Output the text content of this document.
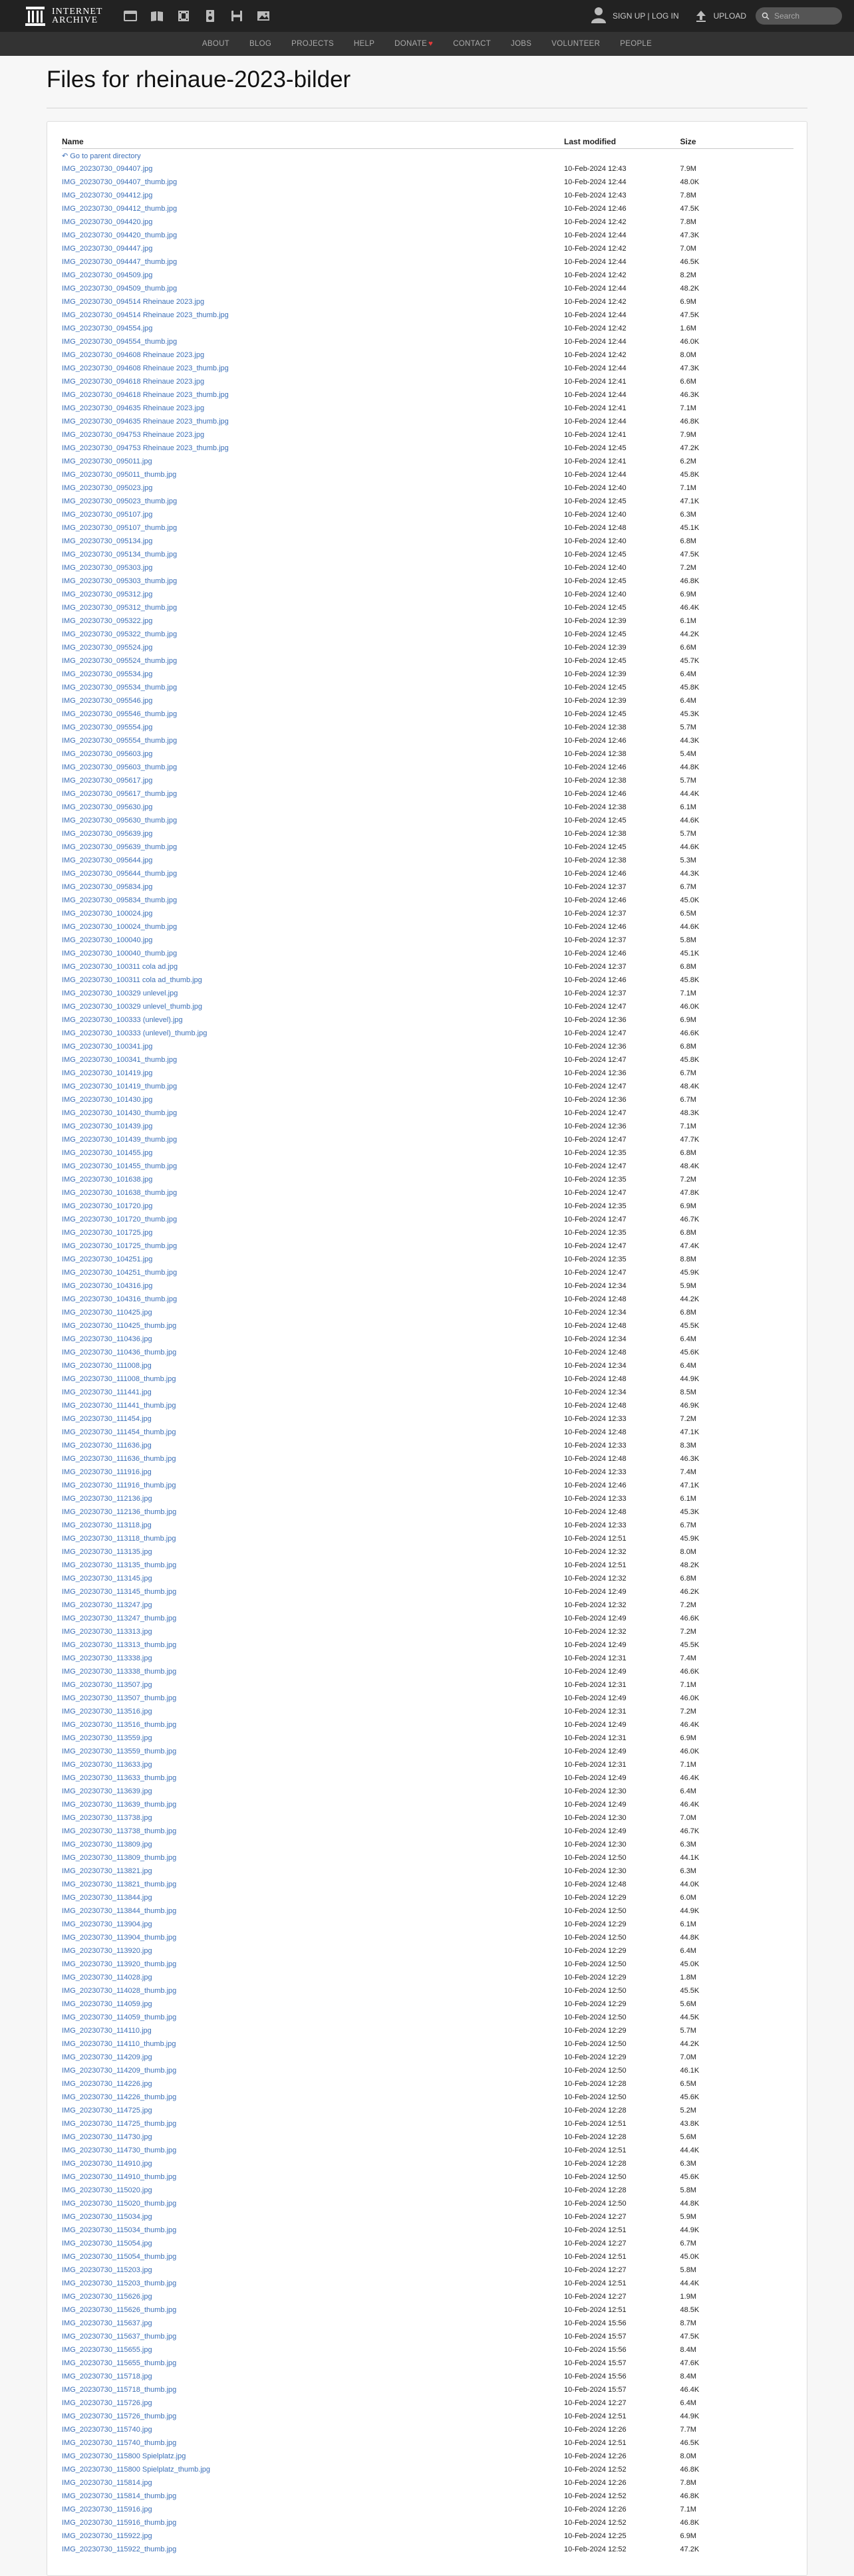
INTERNET
ARCHIVE	SIGN UP | LOG IN	UPLOAD
Search
ABOUT	BLOG	PROJECTS	HELP	DONATE ♥	CONTACT	JOBS	VOLUNTEER	PEOPLE
Files for rheinaue-2023-bilder
Name	Last modified	Size
↶ Go to parent directory		
IMG_20230730_094407.jpg	10-Feb-2024 12:43	7.9M
IMG_20230730_094407_thumb.jpg	10-Feb-2024 12:44	48.0K
IMG_20230730_094412.jpg	10-Feb-2024 12:43	7.8M
IMG_20230730_094412_thumb.jpg	10-Feb-2024 12:46	47.5K
IMG_20230730_094420.jpg	10-Feb-2024 12:42	7.8M
IMG_20230730_094420_thumb.jpg	10-Feb-2024 12:44	47.3K
IMG_20230730_094447.jpg	10-Feb-2024 12:42	7.0M
IMG_20230730_094447_thumb.jpg	10-Feb-2024 12:44	46.5K
IMG_20230730_094509.jpg	10-Feb-2024 12:42	8.2M
IMG_20230730_094509_thumb.jpg	10-Feb-2024 12:44	48.2K
IMG_20230730_094514 Rheinaue 2023.jpg	10-Feb-2024 12:42	6.9M
IMG_20230730_094514 Rheinaue 2023_thumb.jpg	10-Feb-2024 12:44	47.5K
IMG_20230730_094554.jpg	10-Feb-2024 12:42	1.6M
IMG_20230730_094554_thumb.jpg	10-Feb-2024 12:44	46.0K
IMG_20230730_094608 Rheinaue 2023.jpg	10-Feb-2024 12:42	8.0M
IMG_20230730_094608 Rheinaue 2023_thumb.jpg	10-Feb-2024 12:44	47.3K
IMG_20230730_094618 Rheinaue 2023.jpg	10-Feb-2024 12:41	6.6M
IMG_20230730_094618 Rheinaue 2023_thumb.jpg	10-Feb-2024 12:44	46.3K
IMG_20230730_094635 Rheinaue 2023.jpg	10-Feb-2024 12:41	7.1M
IMG_20230730_094635 Rheinaue 2023_thumb.jpg	10-Feb-2024 12:44	46.8K
IMG_20230730_094753 Rheinaue 2023.jpg	10-Feb-2024 12:41	7.9M
IMG_20230730_094753 Rheinaue 2023_thumb.jpg	10-Feb-2024 12:45	47.2K
IMG_20230730_095011.jpg	10-Feb-2024 12:41	6.2M
IMG_20230730_095011_thumb.jpg	10-Feb-2024 12:44	45.8K
IMG_20230730_095023.jpg	10-Feb-2024 12:40	7.1M
IMG_20230730_095023_thumb.jpg	10-Feb-2024 12:45	47.1K
IMG_20230730_095107.jpg	10-Feb-2024 12:40	6.3M
IMG_20230730_095107_thumb.jpg	10-Feb-2024 12:48	45.1K
IMG_20230730_095134.jpg	10-Feb-2024 12:40	6.8M
IMG_20230730_095134_thumb.jpg	10-Feb-2024 12:45	47.5K
IMG_20230730_095303.jpg	10-Feb-2024 12:40	7.2M
IMG_20230730_095303_thumb.jpg	10-Feb-2024 12:45	46.8K
IMG_20230730_095312.jpg	10-Feb-2024 12:40	6.9M
IMG_20230730_095312_thumb.jpg	10-Feb-2024 12:45	46.4K
IMG_20230730_095322.jpg	10-Feb-2024 12:39	6.1M
IMG_20230730_095322_thumb.jpg	10-Feb-2024 12:45	44.2K
IMG_20230730_095524.jpg	10-Feb-2024 12:39	6.6M
IMG_20230730_095524_thumb.jpg	10-Feb-2024 12:45	45.7K
IMG_20230730_095534.jpg	10-Feb-2024 12:39	6.4M
IMG_20230730_095534_thumb.jpg	10-Feb-2024 12:45	45.8K
IMG_20230730_095546.jpg	10-Feb-2024 12:39	6.4M
IMG_20230730_095546_thumb.jpg	10-Feb-2024 12:45	45.3K
IMG_20230730_095554.jpg	10-Feb-2024 12:38	5.7M
IMG_20230730_095554_thumb.jpg	10-Feb-2024 12:46	44.3K
IMG_20230730_095603.jpg	10-Feb-2024 12:38	5.4M
IMG_20230730_095603_thumb.jpg	10-Feb-2024 12:46	44.8K
IMG_20230730_095617.jpg	10-Feb-2024 12:38	5.7M
IMG_20230730_095617_thumb.jpg	10-Feb-2024 12:46	44.4K
IMG_20230730_095630.jpg	10-Feb-2024 12:38	6.1M
IMG_20230730_095630_thumb.jpg	10-Feb-2024 12:45	44.6K
IMG_20230730_095639.jpg	10-Feb-2024 12:38	5.7M
IMG_20230730_095639_thumb.jpg	10-Feb-2024 12:45	44.6K
IMG_20230730_095644.jpg	10-Feb-2024 12:38	5.3M
IMG_20230730_095644_thumb.jpg	10-Feb-2024 12:46	44.3K
IMG_20230730_095834.jpg	10-Feb-2024 12:37	6.7M
IMG_20230730_095834_thumb.jpg	10-Feb-2024 12:46	45.0K
IMG_20230730_100024.jpg	10-Feb-2024 12:37	6.5M
IMG_20230730_100024_thumb.jpg	10-Feb-2024 12:46	44.6K
IMG_20230730_100040.jpg	10-Feb-2024 12:37	5.8M
IMG_20230730_100040_thumb.jpg	10-Feb-2024 12:46	45.1K
IMG_20230730_100311 cola ad.jpg	10-Feb-2024 12:37	6.8M
IMG_20230730_100311 cola ad_thumb.jpg	10-Feb-2024 12:46	45.8K
IMG_20230730_100329 unlevel.jpg	10-Feb-2024 12:37	7.1M
IMG_20230730_100329 unlevel_thumb.jpg	10-Feb-2024 12:47	46.0K
IMG_20230730_100333 (unlevel).jpg	10-Feb-2024 12:36	6.9M
IMG_20230730_100333 (unlevel)_thumb.jpg	10-Feb-2024 12:47	46.6K
IMG_20230730_100341.jpg	10-Feb-2024 12:36	6.8M
IMG_20230730_100341_thumb.jpg	10-Feb-2024 12:47	45.8K
IMG_20230730_101419.jpg	10-Feb-2024 12:36	6.7M
IMG_20230730_101419_thumb.jpg	10-Feb-2024 12:47	48.4K
IMG_20230730_101430.jpg	10-Feb-2024 12:36	6.7M
IMG_20230730_101430_thumb.jpg	10-Feb-2024 12:47	48.3K
IMG_20230730_101439.jpg	10-Feb-2024 12:36	7.1M
IMG_20230730_101439_thumb.jpg	10-Feb-2024 12:47	47.7K
IMG_20230730_101455.jpg	10-Feb-2024 12:35	6.8M
IMG_20230730_101455_thumb.jpg	10-Feb-2024 12:47	48.4K
IMG_20230730_101638.jpg	10-Feb-2024 12:35	7.2M
IMG_20230730_101638_thumb.jpg	10-Feb-2024 12:47	47.8K
IMG_20230730_101720.jpg	10-Feb-2024 12:35	6.9M
IMG_20230730_101720_thumb.jpg	10-Feb-2024 12:47	46.7K
IMG_20230730_101725.jpg	10-Feb-2024 12:35	6.8M
IMG_20230730_101725_thumb.jpg	10-Feb-2024 12:47	47.4K
IMG_20230730_104251.jpg	10-Feb-2024 12:35	8.8M
IMG_20230730_104251_thumb.jpg	10-Feb-2024 12:47	45.9K
IMG_20230730_104316.jpg	10-Feb-2024 12:34	5.9M
IMG_20230730_104316_thumb.jpg	10-Feb-2024 12:48	44.2K
IMG_20230730_110425.jpg	10-Feb-2024 12:34	6.8M
IMG_20230730_110425_thumb.jpg	10-Feb-2024 12:48	45.5K
IMG_20230730_110436.jpg	10-Feb-2024 12:34	6.4M
IMG_20230730_110436_thumb.jpg	10-Feb-2024 12:48	45.6K
IMG_20230730_111008.jpg	10-Feb-2024 12:34	6.4M
IMG_20230730_111008_thumb.jpg	10-Feb-2024 12:48	44.9K
IMG_20230730_111441.jpg	10-Feb-2024 12:34	8.5M
IMG_20230730_111441_thumb.jpg	10-Feb-2024 12:48	46.9K
IMG_20230730_111454.jpg	10-Feb-2024 12:33	7.2M
IMG_20230730_111454_thumb.jpg	10-Feb-2024 12:48	47.1K
IMG_20230730_111636.jpg	10-Feb-2024 12:33	8.3M
IMG_20230730_111636_thumb.jpg	10-Feb-2024 12:48	46.3K
IMG_20230730_111916.jpg	10-Feb-2024 12:33	7.4M
IMG_20230730_111916_thumb.jpg	10-Feb-2024 12:46	47.1K
IMG_20230730_112136.jpg	10-Feb-2024 12:33	6.1M
IMG_20230730_112136_thumb.jpg	10-Feb-2024 12:48	45.3K
IMG_20230730_113118.jpg	10-Feb-2024 12:33	6.7M
IMG_20230730_113118_thumb.jpg	10-Feb-2024 12:51	45.9K
IMG_20230730_113135.jpg	10-Feb-2024 12:32	8.0M
IMG_20230730_113135_thumb.jpg	10-Feb-2024 12:51	48.2K
IMG_20230730_113145.jpg	10-Feb-2024 12:32	6.8M
IMG_20230730_113145_thumb.jpg	10-Feb-2024 12:49	46.2K
IMG_20230730_113247.jpg	10-Feb-2024 12:32	7.2M
IMG_20230730_113247_thumb.jpg	10-Feb-2024 12:49	46.6K
IMG_20230730_113313.jpg	10-Feb-2024 12:32	7.2M
IMG_20230730_113313_thumb.jpg	10-Feb-2024 12:49	45.5K
IMG_20230730_113338.jpg	10-Feb-2024 12:31	7.4M
IMG_20230730_113338_thumb.jpg	10-Feb-2024 12:49	46.6K
IMG_20230730_113507.jpg	10-Feb-2024 12:31	7.1M
IMG_20230730_113507_thumb.jpg	10-Feb-2024 12:49	46.0K
IMG_20230730_113516.jpg	10-Feb-2024 12:31	7.2M
IMG_20230730_113516_thumb.jpg	10-Feb-2024 12:49	46.4K
IMG_20230730_113559.jpg	10-Feb-2024 12:31	6.9M
IMG_20230730_113559_thumb.jpg	10-Feb-2024 12:49	46.0K
IMG_20230730_113633.jpg	10-Feb-2024 12:31	7.1M
IMG_20230730_113633_thumb.jpg	10-Feb-2024 12:49	46.4K
IMG_20230730_113639.jpg	10-Feb-2024 12:30	6.4M
IMG_20230730_113639_thumb.jpg	10-Feb-2024 12:49	46.4K
IMG_20230730_113738.jpg	10-Feb-2024 12:30	7.0M
IMG_20230730_113738_thumb.jpg	10-Feb-2024 12:49	46.7K
IMG_20230730_113809.jpg	10-Feb-2024 12:30	6.3M
IMG_20230730_113809_thumb.jpg	10-Feb-2024 12:50	44.1K
IMG_20230730_113821.jpg	10-Feb-2024 12:30	6.3M
IMG_20230730_113821_thumb.jpg	10-Feb-2024 12:48	44.0K
IMG_20230730_113844.jpg	10-Feb-2024 12:29	6.0M
IMG_20230730_113844_thumb.jpg	10-Feb-2024 12:50	44.9K
IMG_20230730_113904.jpg	10-Feb-2024 12:29	6.1M
IMG_20230730_113904_thumb.jpg	10-Feb-2024 12:50	44.8K
IMG_20230730_113920.jpg	10-Feb-2024 12:29	6.4M
IMG_20230730_113920_thumb.jpg	10-Feb-2024 12:50	45.0K
IMG_20230730_114028.jpg	10-Feb-2024 12:29	1.8M
IMG_20230730_114028_thumb.jpg	10-Feb-2024 12:50	45.5K
IMG_20230730_114059.jpg	10-Feb-2024 12:29	5.6M
IMG_20230730_114059_thumb.jpg	10-Feb-2024 12:50	44.5K
IMG_20230730_114110.jpg	10-Feb-2024 12:29	5.7M
IMG_20230730_114110_thumb.jpg	10-Feb-2024 12:50	44.2K
IMG_20230730_114209.jpg	10-Feb-2024 12:29	7.0M
IMG_20230730_114209_thumb.jpg	10-Feb-2024 12:50	46.1K
IMG_20230730_114226.jpg	10-Feb-2024 12:28	6.5M
IMG_20230730_114226_thumb.jpg	10-Feb-2024 12:50	45.6K
IMG_20230730_114725.jpg	10-Feb-2024 12:28	5.2M
IMG_20230730_114725_thumb.jpg	10-Feb-2024 12:51	43.8K
IMG_20230730_114730.jpg	10-Feb-2024 12:28	5.6M
IMG_20230730_114730_thumb.jpg	10-Feb-2024 12:51	44.4K
IMG_20230730_114910.jpg	10-Feb-2024 12:28	6.3M
IMG_20230730_114910_thumb.jpg	10-Feb-2024 12:50	45.6K
IMG_20230730_115020.jpg	10-Feb-2024 12:28	5.8M
IMG_20230730_115020_thumb.jpg	10-Feb-2024 12:50	44.8K
IMG_20230730_115034.jpg	10-Feb-2024 12:27	5.9M
IMG_20230730_115034_thumb.jpg	10-Feb-2024 12:51	44.9K
IMG_20230730_115054.jpg	10-Feb-2024 12:27	6.7M
IMG_20230730_115054_thumb.jpg	10-Feb-2024 12:51	45.0K
IMG_20230730_115203.jpg	10-Feb-2024 12:27	5.8M
IMG_20230730_115203_thumb.jpg	10-Feb-2024 12:51	44.4K
IMG_20230730_115626.jpg	10-Feb-2024 12:27	1.9M
IMG_20230730_115626_thumb.jpg	10-Feb-2024 12:51	48.5K
IMG_20230730_115637.jpg	10-Feb-2024 15:56	8.7M
IMG_20230730_115637_thumb.jpg	10-Feb-2024 15:57	47.5K
IMG_20230730_115655.jpg	10-Feb-2024 15:56	8.4M
IMG_20230730_115655_thumb.jpg	10-Feb-2024 15:57	47.6K
IMG_20230730_115718.jpg	10-Feb-2024 15:56	8.4M
IMG_20230730_115718_thumb.jpg	10-Feb-2024 15:57	46.4K
IMG_20230730_115726.jpg	10-Feb-2024 12:27	6.4M
IMG_20230730_115726_thumb.jpg	10-Feb-2024 12:51	44.9K
IMG_20230730_115740.jpg	10-Feb-2024 12:26	7.7M
IMG_20230730_115740_thumb.jpg	10-Feb-2024 12:51	46.5K
IMG_20230730_115800 Spielplatz.jpg	10-Feb-2024 12:26	8.0M
IMG_20230730_115800 Spielplatz_thumb.jpg	10-Feb-2024 12:52	46.8K
IMG_20230730_115814.jpg	10-Feb-2024 12:26	7.8M
IMG_20230730_115814_thumb.jpg	10-Feb-2024 12:52	46.8K
IMG_20230730_115916.jpg	10-Feb-2024 12:26	7.1M
IMG_20230730_115916_thumb.jpg	10-Feb-2024 12:52	46.8K
IMG_20230730_115922.jpg	10-Feb-2024 12:25	6.9M
IMG_20230730_115922_thumb.jpg	10-Feb-2024 12:52	47.2K
